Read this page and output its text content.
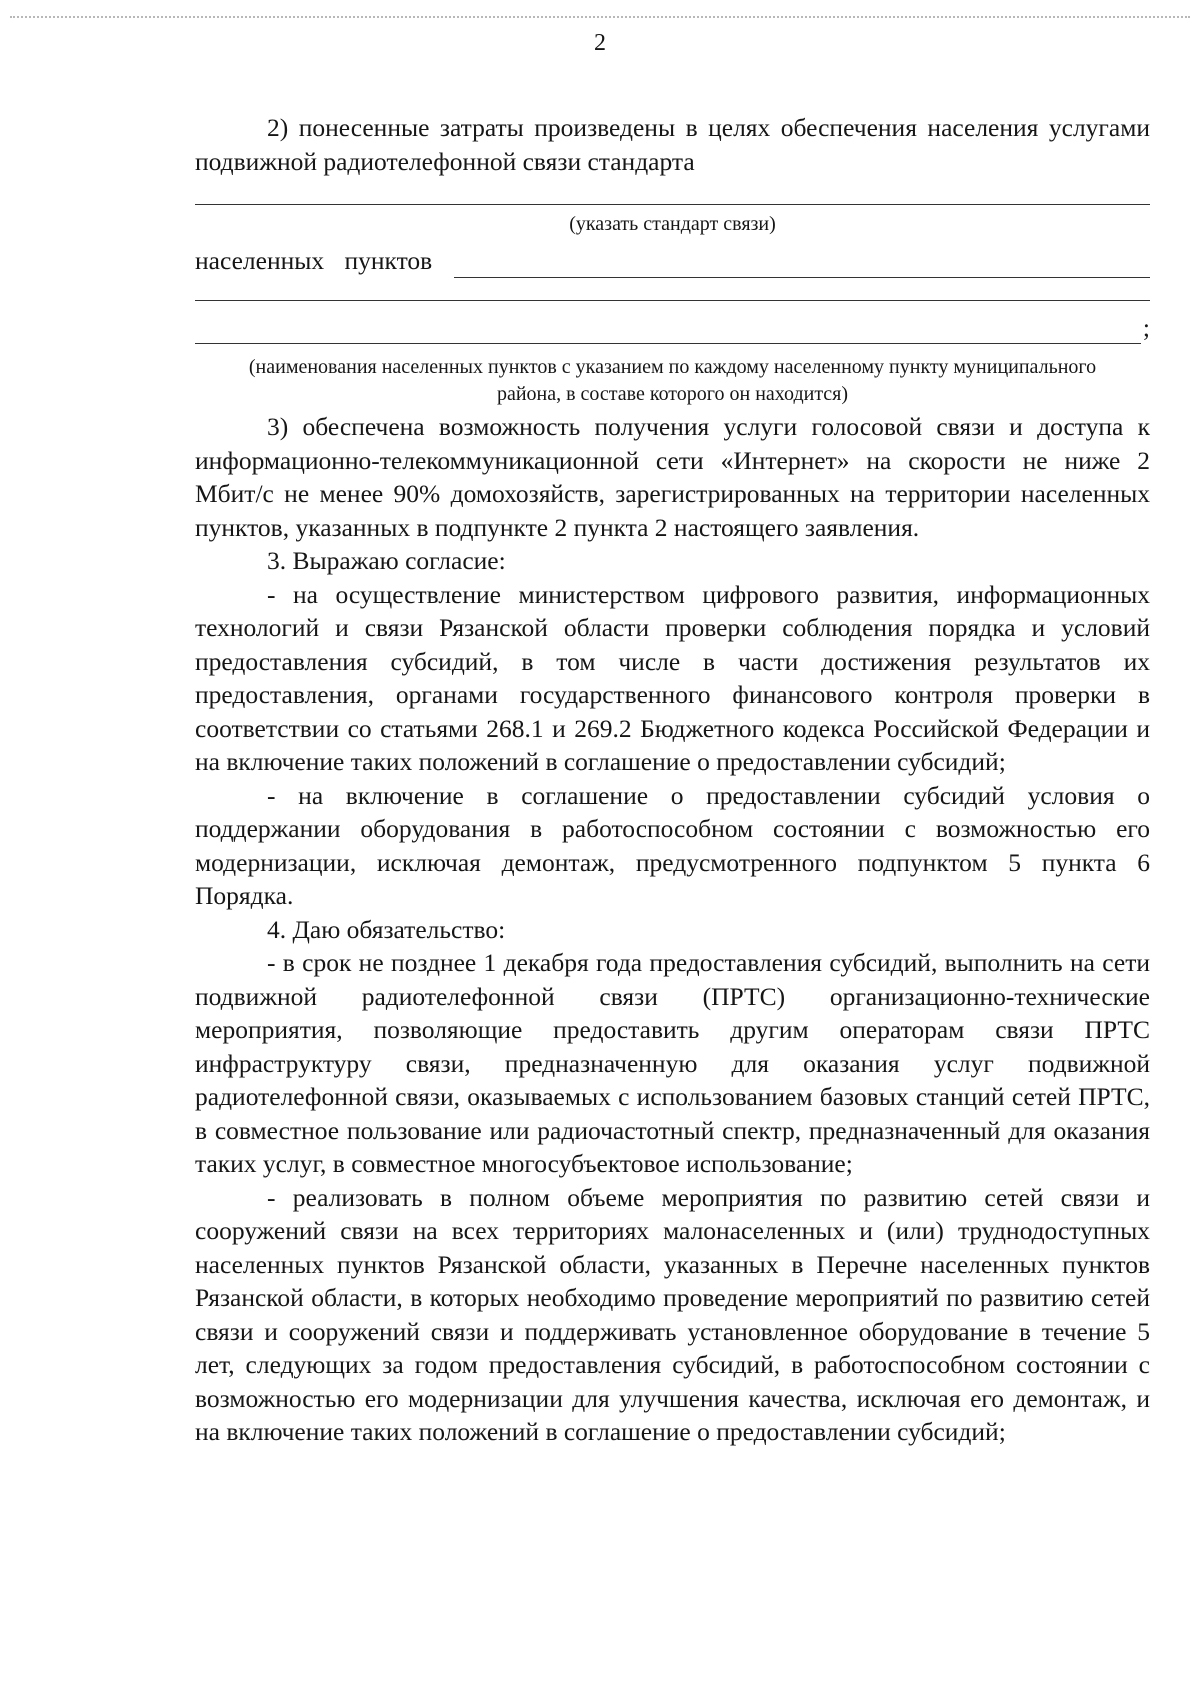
2

2) понесенные затраты произведены в целях обеспечения населения услугами подвижной радиотелефонной связи стандарта

(указать стандарт связи)
населенных пунктов
;
(наименования населенных пунктов с указанием по каждому населенному пункту муниципального района, в составе которого он находится)

3) обеспечена возможность получения услуги голосовой связи и доступа к информационно-телекоммуникационной сети «Интернет» на скорости не ниже 2 Мбит/с не менее 90% домохозяйств, зарегистрированных на территории населенных пунктов, указанных в подпункте 2 пункта 2 настоящего заявления.

3. Выражаю согласие:

- на осуществление министерством цифрового развития, информационных технологий и связи Рязанской области проверки соблюдения порядка и условий предоставления субсидий, в том числе в части достижения результатов их предоставления, органами государственного финансового контроля проверки в соответствии со статьями 268.1 и 269.2 Бюджетного кодекса Российской Федерации и на включение таких положений в соглашение о предоставлении субсидий;

- на включение в соглашение о предоставлении субсидий условия о поддержании оборудования в работоспособном состоянии с возможностью его модернизации, исключая демонтаж, предусмотренного подпунктом 5 пункта 6 Порядка.

4. Даю обязательство:

- в срок не позднее 1 декабря года предоставления субсидий, выполнить на сети подвижной радиотелефонной связи (ПРТС) организационно-технические мероприятия, позволяющие предоставить другим операторам связи ПРТС инфраструктуру связи, предназначенную для оказания услуг подвижной радиотелефонной связи, оказываемых с использованием базовых станций сетей ПРТС, в совместное пользование или радиочастотный спектр, предназначенный для оказания таких услуг, в совместное многосубъектовое использование;

- реализовать в полном объеме мероприятия по развитию сетей связи и сооружений связи на всех территориях малонаселенных и (или) труднодоступных населенных пунктов Рязанской области, указанных в Перечне населенных пунктов Рязанской области, в которых необходимо проведение мероприятий по развитию сетей связи и сооружений связи и поддерживать установленное оборудование в течение 5 лет, следующих за годом предоставления субсидий, в работоспособном состоянии с возможностью его модернизации для улучшения качества, исключая его демонтаж, и на включение таких положений в соглашение о предоставлении субсидий;
